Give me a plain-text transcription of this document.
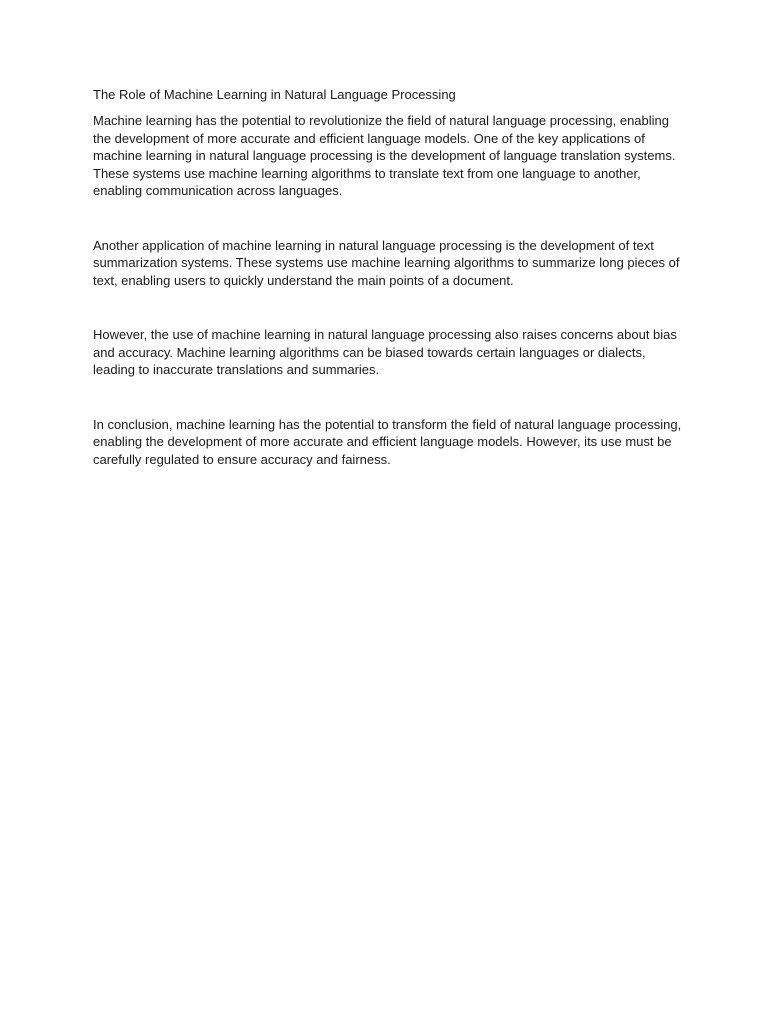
The Role of Machine Learning in Natural Language Processing

Machine learning has the potential to revolutionize the field of natural language processing, enabling the development of more accurate and efficient language models. One of the key applications of machine learning in natural language processing is the development of language translation systems. These systems use machine learning algorithms to translate text from one language to another, enabling communication across languages.

Another application of machine learning in natural language processing is the development of text summarization systems. These systems use machine learning algorithms to summarize long pieces of text, enabling users to quickly understand the main points of a document.

However, the use of machine learning in natural language processing also raises concerns about bias and accuracy. Machine learning algorithms can be biased towards certain languages or dialects, leading to inaccurate translations and summaries.

In conclusion, machine learning has the potential to transform the field of natural language processing, enabling the development of more accurate and efficient language models. However, its use must be carefully regulated to ensure accuracy and fairness.
